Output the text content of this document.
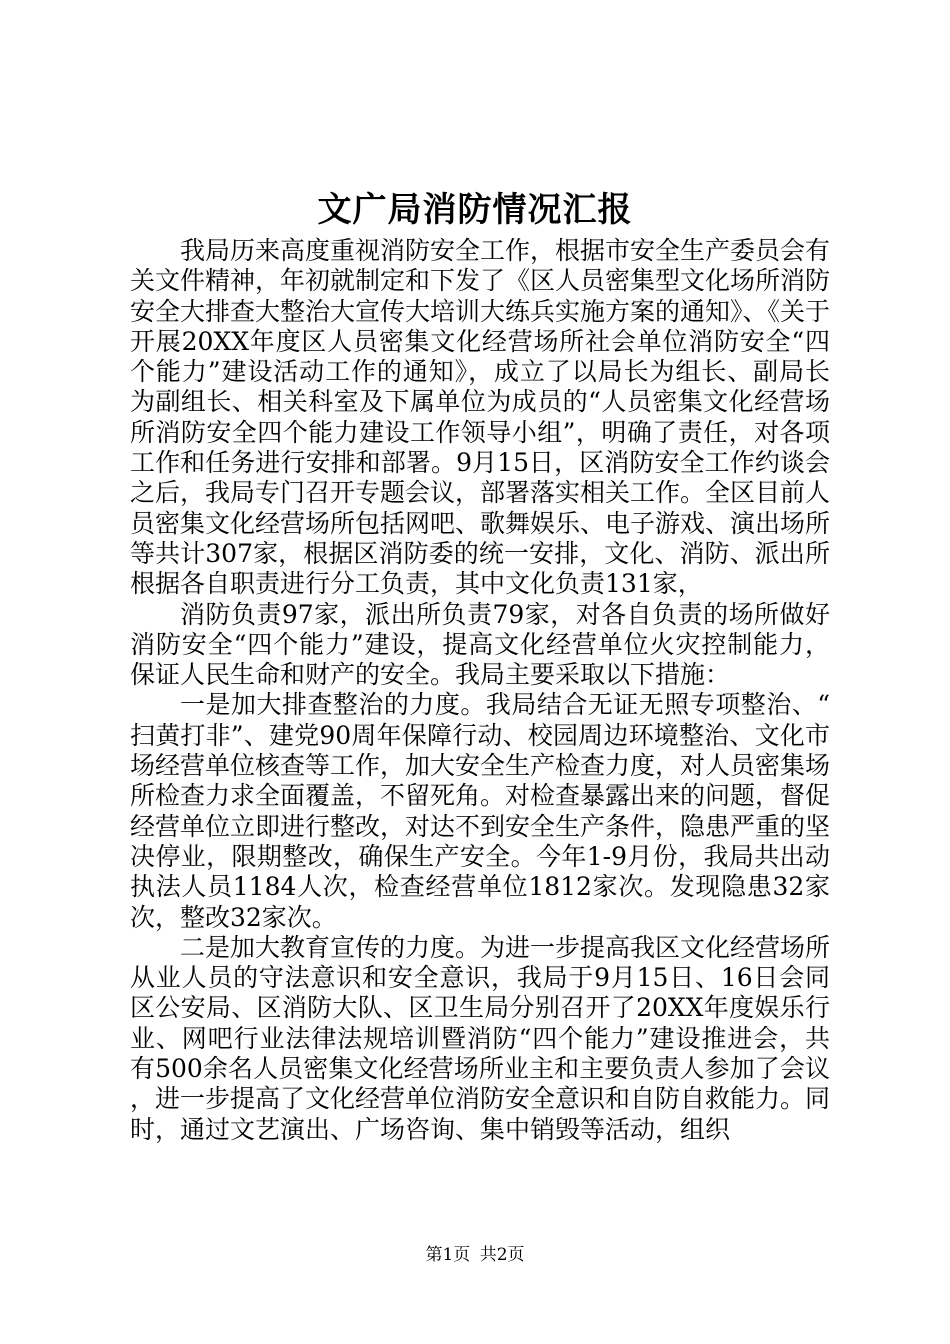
文广局消防情况汇报

我局历来高度重视消防安全工作，根据市安全生产委员会有关文件精神，年初就制定和下发了《区人员密集型文化场所消防安全大排查大整治大宣传大培训大练兵实施方案的通知》、《关于开展20XX年度区人员密集文化经营场所社会单位消防安全“四个能力”建设活动工作的通知》，成立了以局长为组长、副局长为副组长、相关科室及下属单位为成员的“人员密集文化经营场所消防安全四个能力建设工作领导小组”，明确了责任，对各项工作和任务进行安排和部署。9月15日，区消防安全工作约谈会之后，我局专门召开专题会议，部署落实相关工作。全区目前人员密集文化经营场所包括网吧、歌舞娱乐、电子游戏、演出场所等共计307家，根据区消防委的统一安排，文化、消防、派出所根据各自职责进行分工负责，其中文化负责131家，

消防负责97家，派出所负责79家，对各自负责的场所做好消防安全“四个能力”建设，提高文化经营单位火灾控制能力，保证人民生命和财产的安全。我局主要采取以下措施：

一是加大排查整治的力度。我局结合无证无照专项整治、“扫黄打非”、建党90周年保障行动、校园周边环境整治、文化市场经营单位核查等工作，加大安全生产检查力度，对人员密集场所检查力求全面覆盖，不留死角。对检查暴露出来的问题，督促经营单位立即进行整改，对达不到安全生产条件，隐患严重的坚决停业，限期整改，确保生产安全。今年1-9月份，我局共出动执法人员1184人次，检查经营单位1812家次。发现隐患32家次，整改32家次。

二是加大教育宣传的力度。为进一步提高我区文化经营场所从业人员的守法意识和安全意识，我局于9月15日、16日会同区公安局、区消防大队、区卫生局分别召开了20XX年度娱乐行业、网吧行业法律法规培训暨消防“四个能力”建设推进会，共有500余名人员密集文化经营场所业主和主要负责人参加了会议，进一步提高了文化经营单位消防安全意识和自防自救能力。同时，通过文艺演出、广场咨询、集中销毁等活动，组织

第1页 共2页
